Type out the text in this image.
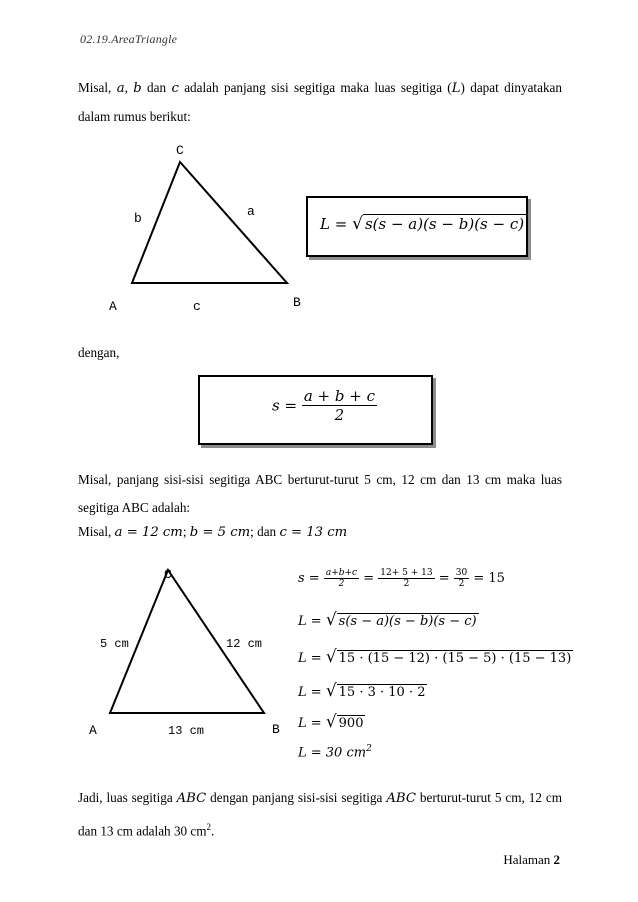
02.19.AreaTriangle
Misal, a, b dan c adalah panjang sisi segitiga maka luas segitiga (L) dapat dinyatakan dalam rumus berikut:
C
A	B
a
b
c
L = √ s(s − a)(s − b)(s − c)
dengan,
$s = \frac{a + b + c}{2}$
Misal, panjang sisi-sisi segitiga ABC berturut-turut 5 cm, 12 cm dan 13 cm maka luas segitiga ABC adalah:
Misal, a = 12 cm; b = 5 cm; dan c = 13 cm
C
A	B
5 cm	12 cm
13 cm
$s = \frac{a+b+c}{2} = \frac{12+ 5 + 13}{2} = \frac{30}{2} = 15$
L = √ s(s − a)(s − b)(s − c)
L = √ 15 · (15 − 12) · (15 − 5) · (15 − 13)
L = √ 15 · 3 · 10 · 2
L = √ 900
L = 30 $cm^2$
Jadi, luas segitiga ABC dengan panjang sisi-sisi segitiga ABC berturut-turut 5 cm, 12 cm dan 13 cm adalah 30 $cm^2$.
Halaman 2
